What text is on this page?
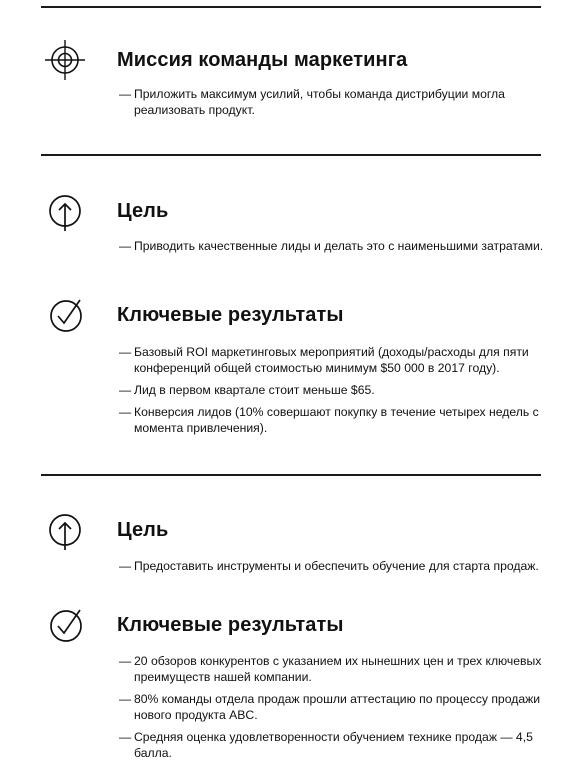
Миссия команды маркетинга
— Приложить максимум усилий, чтобы команда дистрибуции могла реализовать продукт.
Цель
— Приводить качественные лиды и делать это с наименьшими затратами.
Ключевые результаты
— Базовый ROI маркетинговых мероприятий (доходы/расходы для пяти конференций общей стоимостью минимум $50 000 в 2017 году).
— Лид в первом квартале стоит меньше $65.
— Конверсия лидов (10% совершают покупку в течение четырех недель с момента привлечения).
Цель
— Предоставить инструменты и обеспечить обучение для старта продаж.
Ключевые результаты
— 20 обзоров конкурентов с указанием их нынешних цен и трех ключевых преимуществ нашей компании.
— 80% команды отдела продаж прошли аттестацию по процессу продажи нового продукта ABC.
— Средняя оценка удовлетворенности обучением технике продаж — 4,5 балла.
